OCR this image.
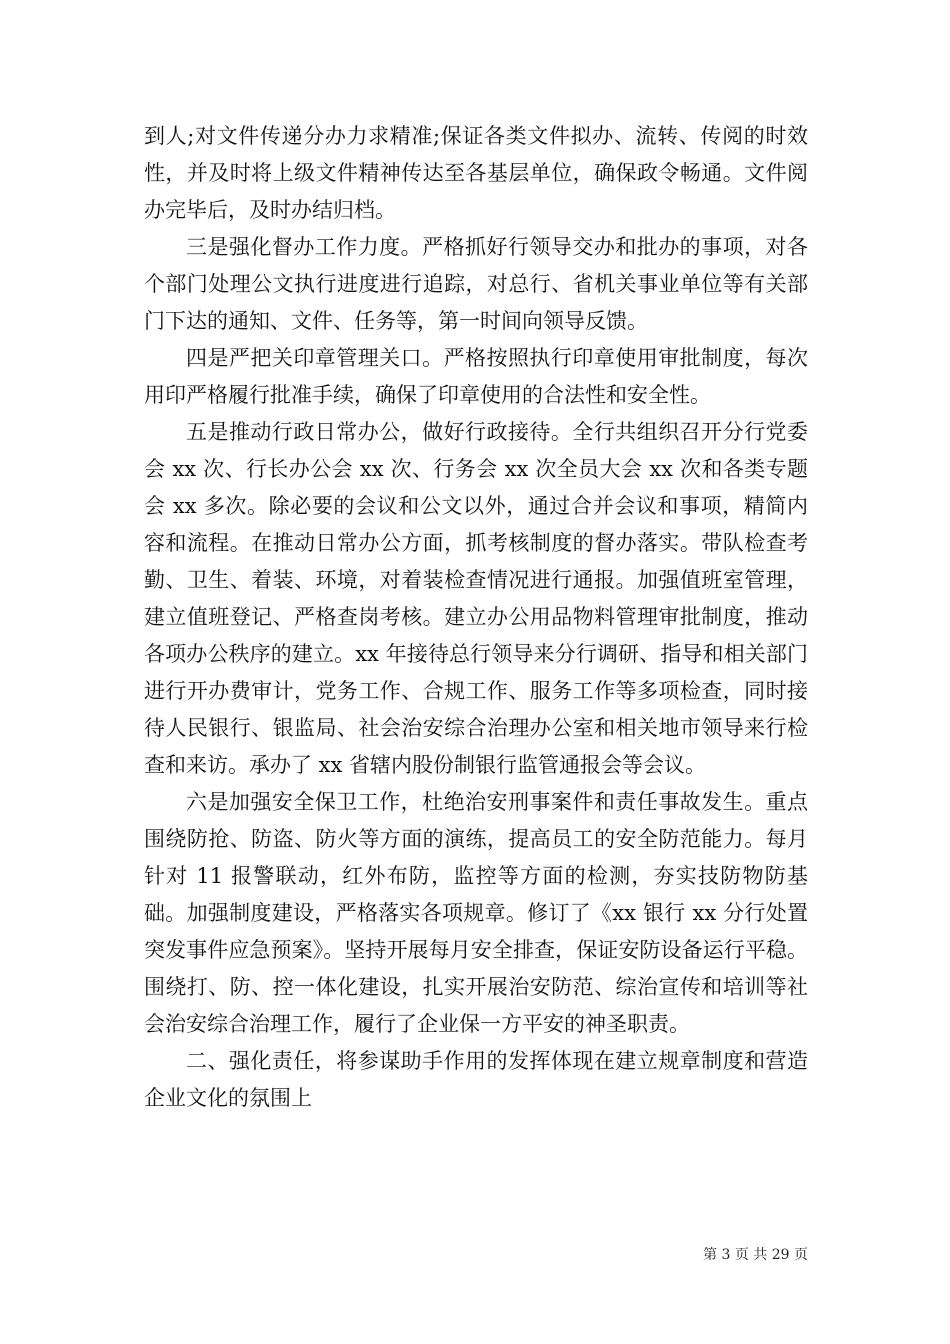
到人;对文件传递分办力求精准;保证各类文件拟办、流转、传阅的时效性，并及时将上级文件精神传达至各基层单位，确保政令畅通。文件阅办完毕后，及时办结归档。

三是强化督办工作力度。严格抓好行领导交办和批办的事项，对各个部门处理公文执行进度进行追踪，对总行、省机关事业单位等有关部门下达的通知、文件、任务等，第一时间向领导反馈。

四是严把关印章管理关口。严格按照执行印章使用审批制度，每次用印严格履行批准手续，确保了印章使用的合法性和安全性。

五是推动行政日常办公，做好行政接待。全行共组织召开分行党委会 xx 次、行长办公会 xx 次、行务会 xx 次全员大会 xx 次和各类专题会 xx 多次。除必要的会议和公文以外，通过合并会议和事项，精简内容和流程。在推动日常办公方面，抓考核制度的督办落实。带队检查考勤、卫生、着装、环境，对着装检查情况进行通报。加强值班室管理，建立值班登记、严格查岗考核。建立办公用品物料管理审批制度，推动各项办公秩序的建立。xx 年接待总行领导来分行调研、指导和相关部门进行开办费审计，党务工作、合规工作、服务工作等多项检查，同时接待人民银行、银监局、社会治安综合治理办公室和相关地市领导来行检查和来访。承办了 xx 省辖内股份制银行监管通报会等会议。

六是加强安全保卫工作，杜绝治安刑事案件和责任事故发生。重点围绕防抢、防盗、防火等方面的演练，提高员工的安全防范能力。每月针对 11 报警联动，红外布防，监控等方面的检测，夯实技防物防基础。加强制度建设，严格落实各项规章。修订了《xx 银行 xx 分行处置突发事件应急预案》。坚持开展每月安全排查，保证安防设备运行平稳。围绕打、防、控一体化建设，扎实开展治安防范、综治宣传和培训等社会治安综合治理工作，履行了企业保一方平安的神圣职责。

二、强化责任，将参谋助手作用的发挥体现在建立规章制度和营造企业文化的氛围上

第 3 页 共 29 页
